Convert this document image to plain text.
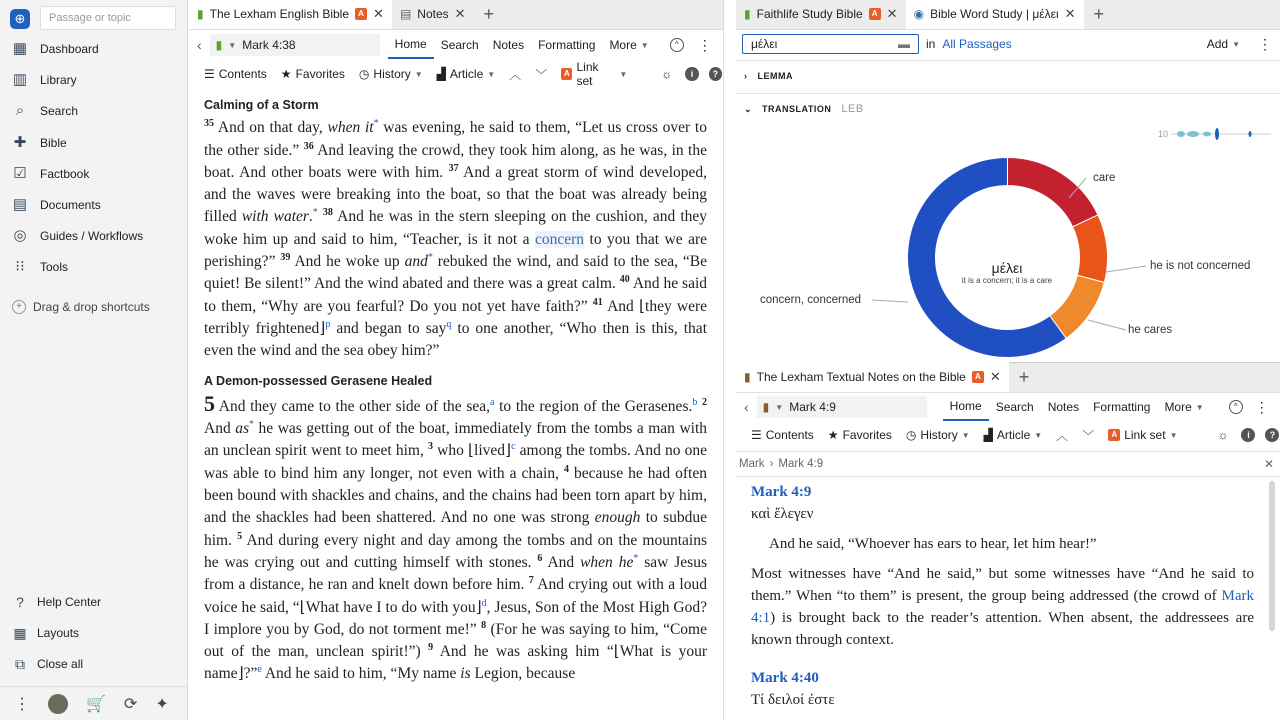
⊕	Passage or topic
▦ Dashboard
▥ Library
⌕	Search
✚ Bible
☑ Factbook
▤ Documents
◎ Guides / Workflows
⁝⁝	Tools
+ Drag & drop shortcuts
?	Help Center
▦ Layouts
⧉	Close all
⋮	🛒 ⟳ ✦
▮ The Lexham English Bible	A ✕ ▤ Notes ✕	+
‹	▮ ▼ Mark 4:38	Home	Search	Notes	Formatting	More ▼	^	⋮
☰ Contents ★ Favorites ◷ History ▼ ▟ Article ▼	︿	﹀	A Link set	▼	☼	i	?
Calming of a Storm

$^{35}$ And on that day, when it* was evening, he said to them, “Let us cross over to the other side.” $^{36}$ And leaving the crowd, they took him along, as he was, in the boat. And other boats were with him. $^{37}$ And a great storm of wind developed, and the waves were breaking into the boat, so that the boat was already being filled with water.* $^{38}$ And he was in the stern sleeping on the cushion, and they woke him up and said to him, “Teacher, is it not a concern to you that we are perishing?” $^{39}$ And he woke up and* rebuked the wind, and said to the sea, “Be quiet! Be silent!” And the wind abated and there was a great calm. $^{40}$ And he said to them, “Why are you fearful? Do you not yet have faith?” $^{41}$ And ⌊they were terribly frightened⌋$^p$ and began to say$^q$ to one another, “Who then is this, that even the wind and the sea obey him?”

A Demon-possessed Gerasene Healed

5 And they came to the other side of the sea,$^a$ to the region of the Gerasenes.$^b$ $^2$ And as* he was getting out of the boat, immediately from the tombs a man with an unclean spirit went to meet him, $^3$ who ⌊lived⌋$^c$ among the tombs. And no one was able to bind him any longer, not even with a chain, $^4$ because he had often been bound with shackles and chains, and the chains had been torn apart by him, and the shackles had been shattered. And no one was strong enough to subdue him. $^5$ And during every night and day among the tombs and on the mountains he was crying out and cutting himself with stones. $^6$ And when he* saw Jesus from a distance, he ran and knelt down before him. $^7$ And crying out with a loud voice he said, “⌊What have I to do with you⌋$^d$, Jesus, Son of the Most High God? I implore you by God, do not torment me!” $^8$ (For he was saying to him, “Come out of the man, unclean spirit!”) $^9$ And he was asking him “⌊What is your name⌋?”$^e$ And he said to him, “My name is Legion, because

▮ Faithlife Study Bible	A ✕ ◉ Bible Word Study | μέλει ✕	+
μέλει	▬ in All Passages	Add ▼ ⋮
› LEMMA
⌄ TRANSLATION LEB
10
μέλει
it is a concern; it is a care
care
he is not concerned
he cares
concern, concerned
▮ The Lexham Textual Notes on the Bible	A ✕	+
‹	▮ ▼ Mark 4:9	Home	Search	Notes	Formatting	More ▼	^	⋮
☰ Contents ★ Favorites ◷ History ▼ ▟ Article ▼	︿	﹀	A Link set ▼	☼	i	?
Mark › Mark 4:9	✕
Mark 4:9
καὶ ἔλεγεν
And he said, “Whoever has ears to hear, let him hear!”

Most witnesses have “And he said,” but some witnesses have “And he said to them.” When “to them” is present, the group being addressed (the crowd of Mark 4:1) is brought back to the reader’s attention. When absent, the addressees are known through context.

Mark 4:40
Τί δειλοί ἐστε
